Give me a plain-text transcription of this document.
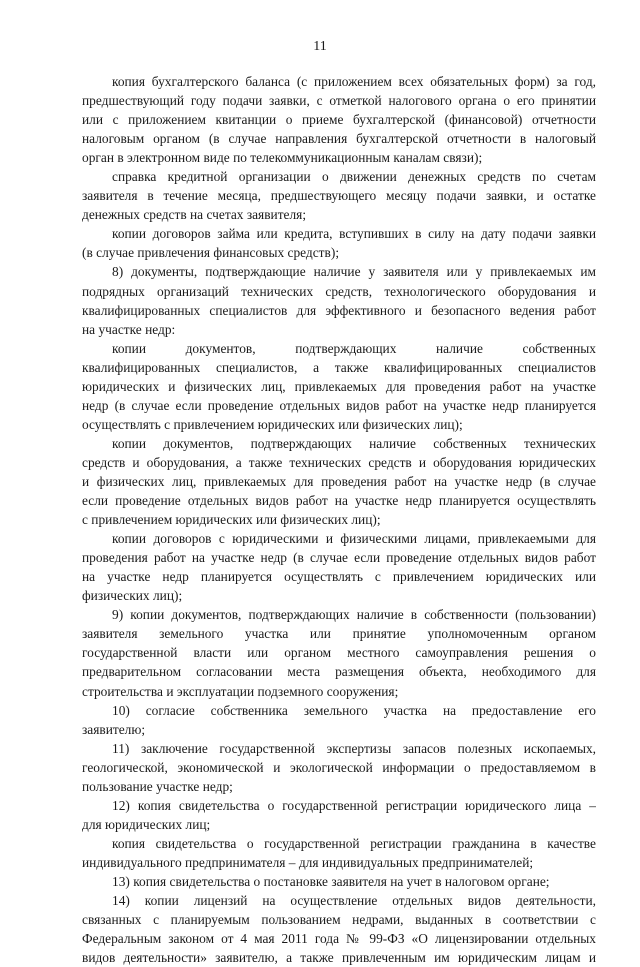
11
копия бухгалтерского баланса (с приложением всех обязательных форм) за год,
предшествующий году подачи заявки, с отметкой налогового органа о его принятии
или с приложением квитанции о приеме бухгалтерской (финансовой) отчетности
налоговым органом (в случае направления бухгалтерской отчетности в налоговый
орган в электронном виде по телекоммуникационным каналам связи);
справка кредитной организации о движении денежных средств по счетам
заявителя в течение месяца, предшествующего месяцу подачи заявки, и остатке
денежных средств на счетах заявителя;
копии договоров займа или кредита, вступивших в силу на дату подачи заявки
(в случае привлечения финансовых средств);
8) документы, подтверждающие наличие у заявителя или у привлекаемых им
подрядных организаций технических средств, технологического оборудования и
квалифицированных специалистов для эффективного и безопасного ведения работ
на участке недр:
копии документов, подтверждающих наличие собственных
квалифицированных специалистов, а также квалифицированных специалистов
юридических и физических лиц, привлекаемых для проведения работ на участке
недр (в случае если проведение отдельных видов работ на участке недр планируется
осуществлять с привлечением юридических или физических лиц);
копии документов, подтверждающих наличие собственных технических
средств и оборудования, а также технических средств и оборудования юридических
и физических лиц, привлекаемых для проведения работ на участке недр (в случае
если проведение отдельных видов работ на участке недр планируется осуществлять
с привлечением юридических или физических лиц);
копии договоров с юридическими и физическими лицами, привлекаемыми для
проведения работ на участке недр (в случае если проведение отдельных видов работ
на участке недр планируется осуществлять с привлечением юридических или
физических лиц);
9) копии документов, подтверждающих наличие в собственности (пользовании)
заявителя земельного участка или принятие уполномоченным органом
государственной власти или органом местного самоуправления решения о
предварительном согласовании места размещения объекта, необходимого для
строительства и эксплуатации подземного сооружения;
10) согласие собственника земельного участка на предоставление его
заявителю;
11) заключение государственной экспертизы запасов полезных ископаемых,
геологической, экономической и экологической информации о предоставляемом в
пользование участке недр;
12) копия свидетельства о государственной регистрации юридического лица –
для юридических лиц;
копия свидетельства о государственной регистрации гражданина в качестве
индивидуального предпринимателя – для индивидуальных предпринимателей;
13) копия свидетельства о постановке заявителя на учет в налоговом органе;
14) копии лицензий на осуществление отдельных видов деятельности,
связанных с планируемым пользованием недрами, выданных в соответствии с
Федеральным законом от 4 мая 2011 года № 99-ФЗ «О лицензировании отдельных
видов деятельности» заявителю, а также привлеченным им юридическим лицам и
